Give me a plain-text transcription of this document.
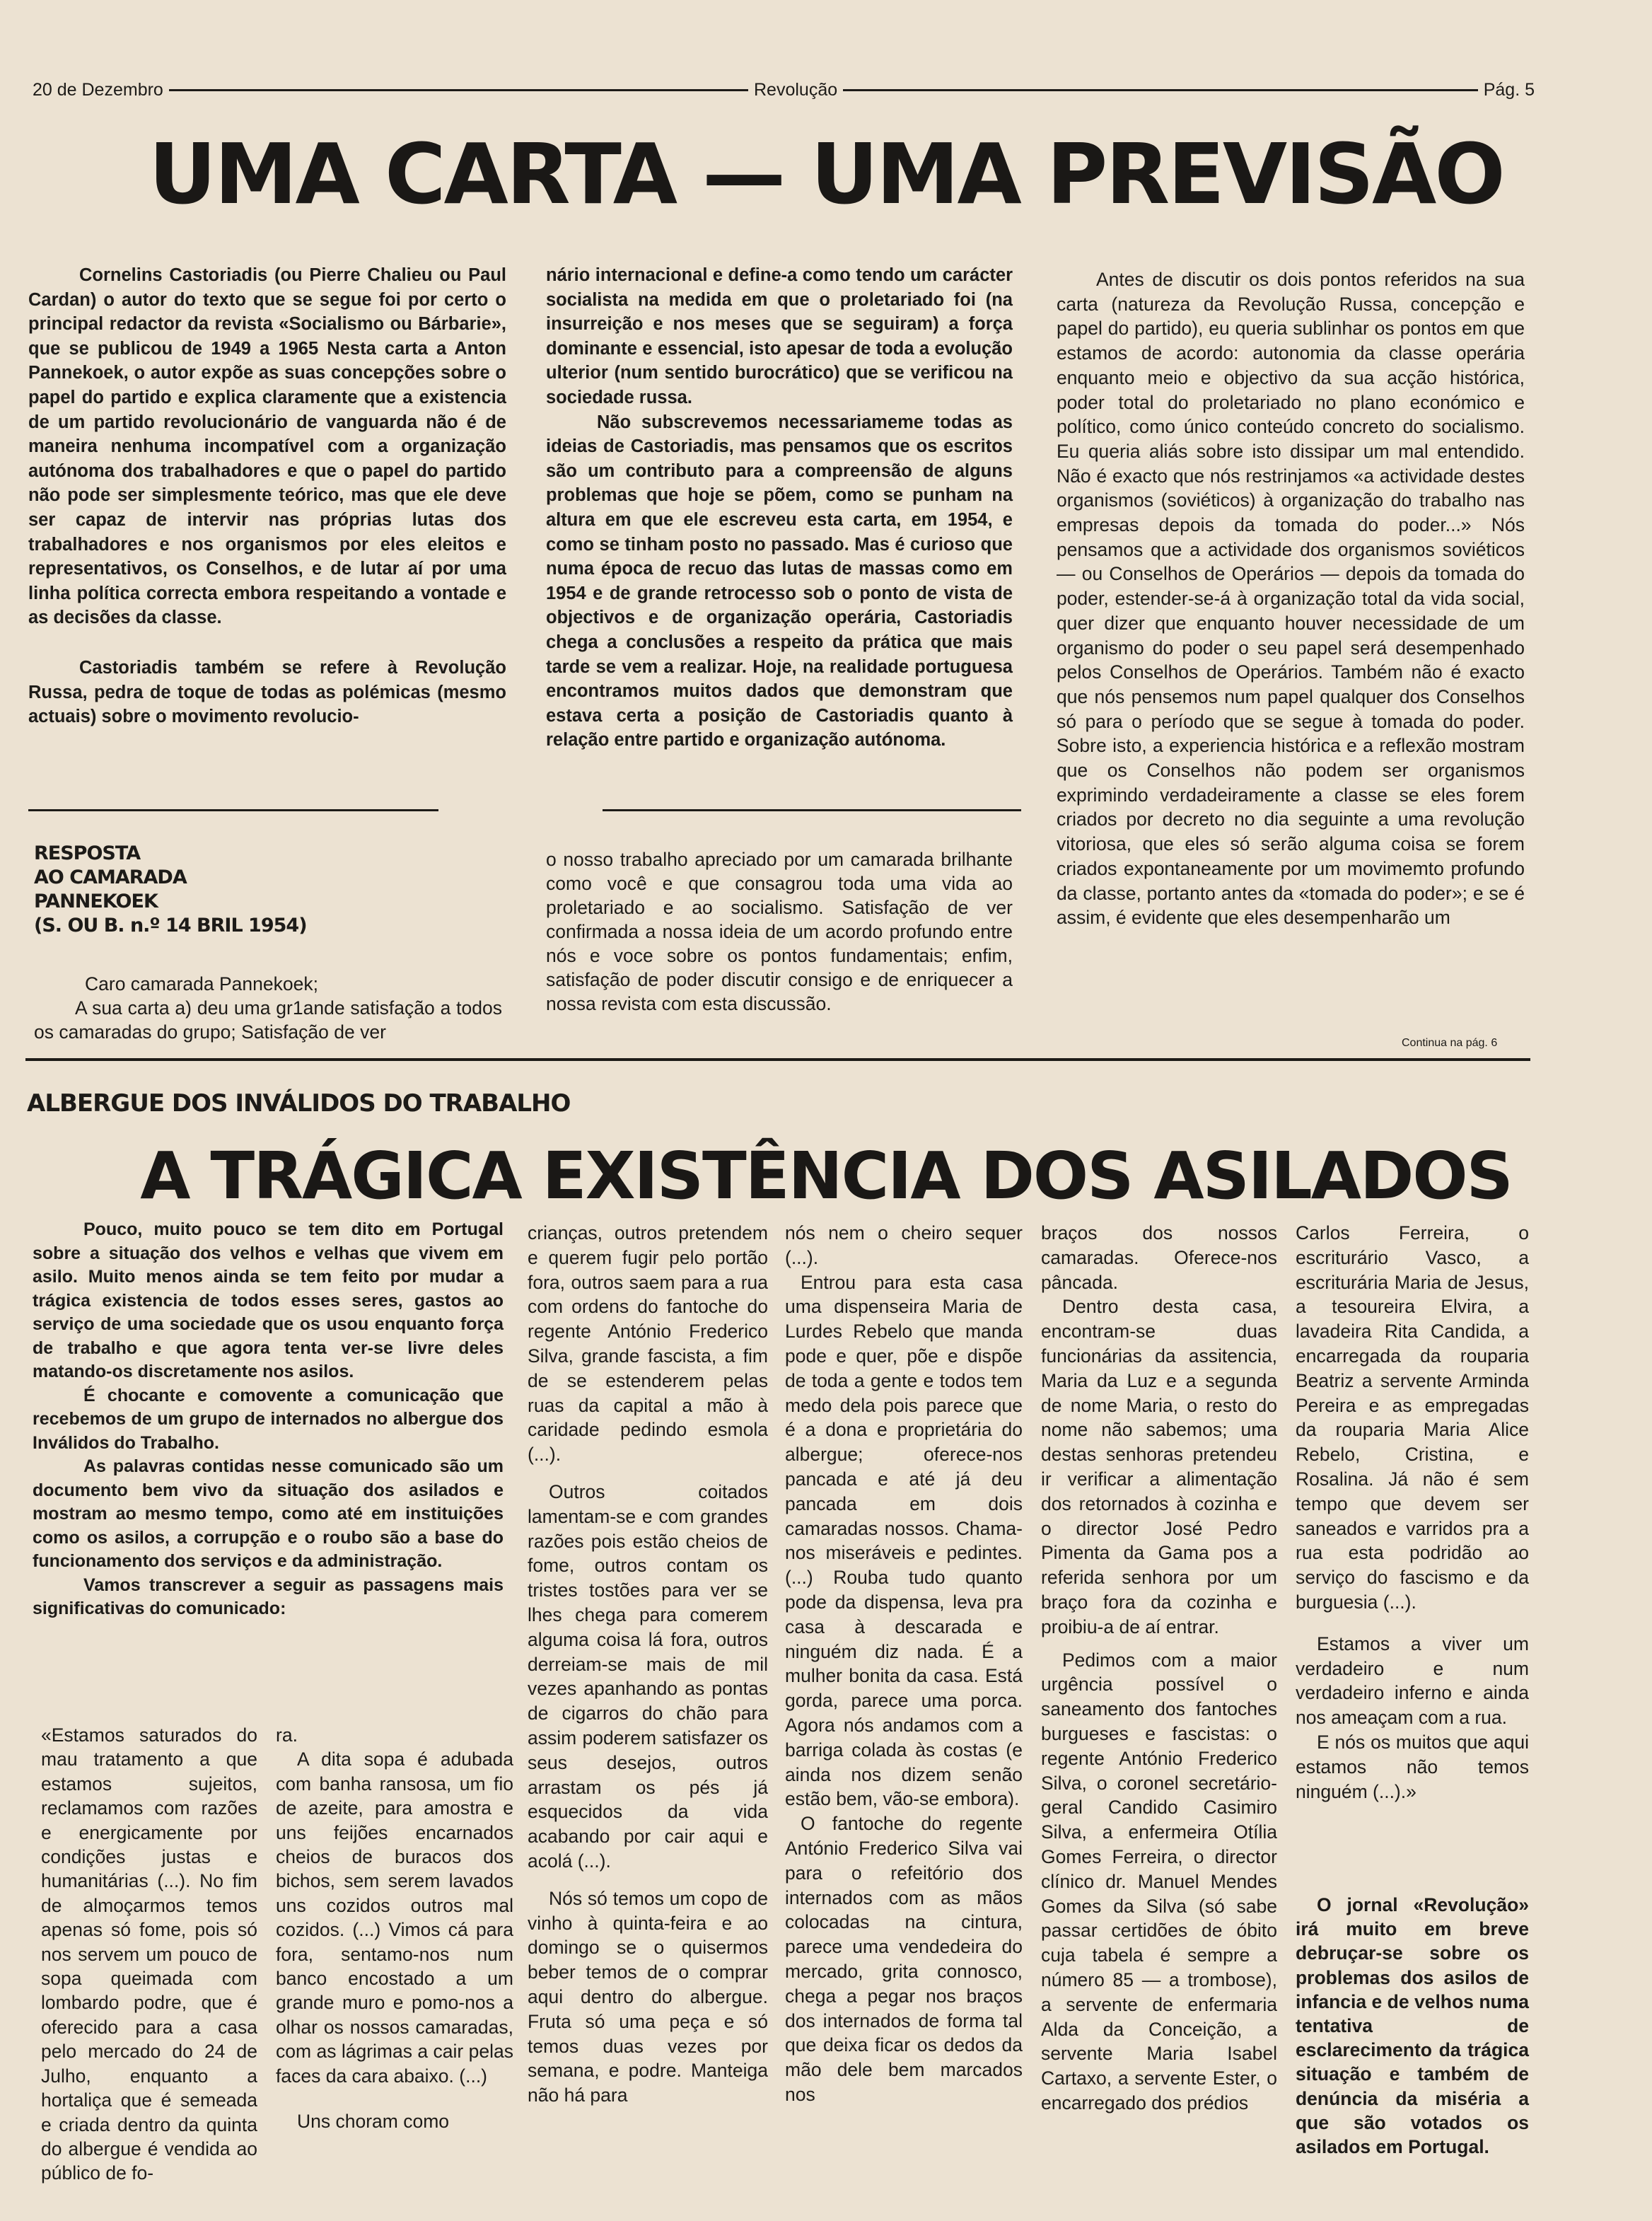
20 de Dezembro	Revolução	Pág. 5
UMA CARTA — UMA PREVISÃO

Cornelins Castoriadis (ou Pierre Chalieu ou Paul Cardan) o autor do texto que se segue foi por certo o principal redactor da revista «Socialismo ou Bárbarie», que se publicou de 1949 a 1965 Nesta carta a Anton Pannekoek, o autor expõe as suas concepções sobre o papel do partido e explica claramente que a existencia de um partido revolucionário de vanguarda não é de maneira nenhuma incompatível com a organização autónoma dos trabalhadores e que o papel do partido não pode ser simplesmente teórico, mas que ele deve ser capaz de intervir nas próprias lutas dos trabalhadores e nos organismos por eles eleitos e representativos, os Conselhos, e de lutar aí por uma linha política correcta embora respeitando a vontade e as decisões da classe.

Castoriadis também se refere à Revolução Russa, pedra de toque de todas as polémicas (mesmo actuais) sobre o movimento revolucio-

nário internacional e define-a como tendo um carácter socialista na medida em que o proletariado foi (na insurreição e nos meses que se seguiram) a força dominante e essencial, isto apesar de toda a evolução ulterior (num sentido burocrático) que se verificou na sociedade russa.

Não subscrevemos necessariameme todas as ideias de Castoriadis, mas pensamos que os escritos são um contributo para a compreensão de alguns problemas que hoje se põem, como se punham na altura em que ele escreveu esta carta, em 1954, e como se tinham posto no passado. Mas é curioso que numa época de recuo das lutas de massas como em 1954 e de grande retrocesso sob o ponto de vista de objectivos e de organização operária, Castoriadis chega a conclusões a respeito da prática que mais tarde se vem a realizar. Hoje, na realidade portuguesa encontramos muitos dados que demonstram que estava certa a posição de Castoriadis quanto à relação entre partido e organização autónoma.

RESPOSTA
AO CAMARADA
PANNEKOEK
(S. OU B. n.º 14 BRIL 1954)

Caro camarada Pannekoek;

A sua carta a) deu uma gr1ande satisfação a todos os camaradas do grupo; Satisfação de ver

o nosso trabalho apreciado por um camarada brilhante como você e que consagrou toda uma vida ao proletariado e ao socialismo. Satisfação de ver confirmada a nossa ideia de um acordo profundo entre nós e voce sobre os pontos fundamentais; enfim, satisfação de poder discutir consigo e de enriquecer a nossa revista com esta discussão.

Antes de discutir os dois pontos referidos na sua carta (natureza da Revolução Russa, concepção e papel do partido), eu queria sublinhar os pontos em que estamos de acordo: autonomia da classe operária enquanto meio e objectivo da sua acção histórica, poder total do proletariado no plano económico e político, como único conteúdo concreto do socialismo. Eu queria aliás sobre isto dissipar um mal entendido. Não é exacto que nós restrinjamos «a actividade destes organismos (soviéticos) à organização do trabalho nas empresas depois da tomada do poder...» Nós pensamos que a actividade dos organismos soviéticos — ou Conselhos de Operários — depois da tomada do poder, estender-se-á à organização total da vida social, quer dizer que enquanto houver necessidade de um organismo do poder o seu papel será desempenhado pelos Conselhos de Operários. Também não é exacto que nós pensemos num papel qualquer dos Conselhos só para o período que se segue à tomada do poder. Sobre isto, a experiencia histórica e a reflexão mostram que os Conselhos não podem ser organismos exprimindo verdadeiramente a classe se eles forem criados por decreto no dia seguinte a uma revolução vitoriosa, que eles só serão alguma coisa se forem criados expontaneamente por um movimemto profundo da classe, portanto antes da «tomada do poder»; e se é assim, é evidente que eles desempenharão um

Continua na pág. 6
ALBERGUE DOS INVÁLIDOS DO TRABALHO
A TRÁGICA EXISTÊNCIA DOS ASILADOS

Pouco, muito pouco se tem dito em Portugal sobre a situação dos velhos e velhas que vivem em asilo. Muito menos ainda se tem feito por mudar a trágica existencia de todos esses seres, gastos ao serviço de uma sociedade que os usou enquanto força de trabalho e que agora tenta ver-se livre deles matando-os discretamente nos asilos.

É chocante e comovente a comunicação que recebemos de um grupo de internados no albergue dos Inválidos do Trabalho.

As palavras contidas nesse comunicado são um documento bem vivo da situação dos asilados e mostram ao mesmo tempo, como até em instituições como os asilos, a corrupção e o roubo são a base do funcionamento dos serviços e da administração.

Vamos transcrever a seguir as passagens mais significativas do comunicado:

«Estamos saturados do mau tratamento a que estamos sujeitos, reclamamos com razões e energicamente por condições justas e humanitárias (...). No fim de almoçarmos temos apenas só fome, pois só nos servem um pouco de sopa queimada com lombardo podre, que é oferecido para a casa pelo mercado do 24 de Julho, enquanto a hortaliça que é semeada e criada dentro da quinta do albergue é vendida ao público de fo-

ra.

A dita sopa é adubada com banha ransosa, um fio de azeite, para amostra e uns feijões encarnados cheios de buracos dos bichos, sem serem lavados uns cozidos outros mal cozidos. (...) Vimos cá para fora, sentamo-nos num banco encostado a um grande muro e pomo-nos a olhar os nossos camaradas, com as lágrimas a cair pelas faces da cara abaixo. (...)

Uns choram como

crianças, outros pretendem e querem fugir pelo portão fora, outros saem para a rua com ordens do fantoche do regente António Frederico Silva, grande fascista, a fim de se estenderem pelas ruas da capital a mão à caridade pedindo esmola (...).

Outros coitados lamentam-se e com grandes razões pois estão cheios de fome, outros contam os tristes tostões para ver se lhes chega para comerem alguma coisa lá fora, outros derreiam-se mais de mil vezes apanhando as pontas de cigarros do chão para assim poderem satisfazer os seus desejos, outros arrastam os pés já esquecidos da vida acabando por cair aqui e acolá (...).

Nós só temos um copo de vinho à quinta-feira e ao domingo se o quisermos beber temos de o comprar aqui dentro do albergue. Fruta só uma peça e só temos duas vezes por semana, e podre. Manteiga não há para

nós nem o cheiro sequer (...).

Entrou para esta casa uma dispenseira Maria de Lurdes Rebelo que manda pode e quer, põe e dispõe de toda a gente e todos tem medo dela pois parece que é a dona e proprietária do albergue; oferece-nos pancada e até já deu pancada em dois camaradas nossos. Chama-nos miseráveis e pedintes. (...) Rouba tudo quanto pode da dispensa, leva pra casa à descarada e ninguém diz nada. É a mulher bonita da casa. Está gorda, parece uma porca. Agora nós andamos com a barriga colada às costas (e ainda nos dizem senão estão bem, vão-se embora).

O fantoche do regente António Frederico Silva vai para o refeitório dos internados com as mãos colocadas na cintura, parece uma vendedeira do mercado, grita connosco, chega a pegar nos braços dos internados de forma tal que deixa ficar os dedos da mão dele bem marcados nos

braços dos nossos camaradas. Oferece-nos pâncada.

Dentro desta casa, encontram-se duas funcionárias da assitencia, Maria da Luz e a segunda de nome Maria, o resto do nome não sabemos; uma destas senhoras pretendeu ir verificar a alimentação dos retornados à cozinha e o director José Pedro Pimenta da Gama pos a referida senhora por um braço fora da cozinha e proibiu-a de aí entrar.

Pedimos com a maior urgência possível o saneamento dos fantoches burgueses e fascistas: o regente António Frederico Silva, o coronel secretário-geral Candido Casimiro Silva, a enfermeira Otília Gomes Ferreira, o director clínico dr. Manuel Mendes Gomes da Silva (só sabe passar certidões de óbito cuja tabela é sempre a número 85 — a trombose), a servente de enfermaria Alda da Conceição, a servente Maria Isabel Cartaxo, a servente Ester, o encarregado dos prédios

Carlos Ferreira, o escriturário Vasco, a escriturária Maria de Jesus, a tesoureira Elvira, a lavadeira Rita Candida, a encarregada da rouparia Beatriz a servente Arminda Pereira e as empregadas da rouparia Maria Alice Rebelo, Cristina, e Rosalina. Já não é sem tempo que devem ser saneados e varridos pra a rua esta podridão ao serviço do fascismo e da burguesia (...).

Estamos a viver um verdadeiro e num verdadeiro inferno e ainda nos ameaçam com a rua.

E nós os muitos que aqui estamos não temos ninguém (...).»

O jornal «Revolução» irá muito em breve debruçar-se sobre os problemas dos asilos de infancia e de velhos numa tentativa de esclarecimento da trágica situação e também de denúncia da miséria a que são votados os asilados em Portugal.
